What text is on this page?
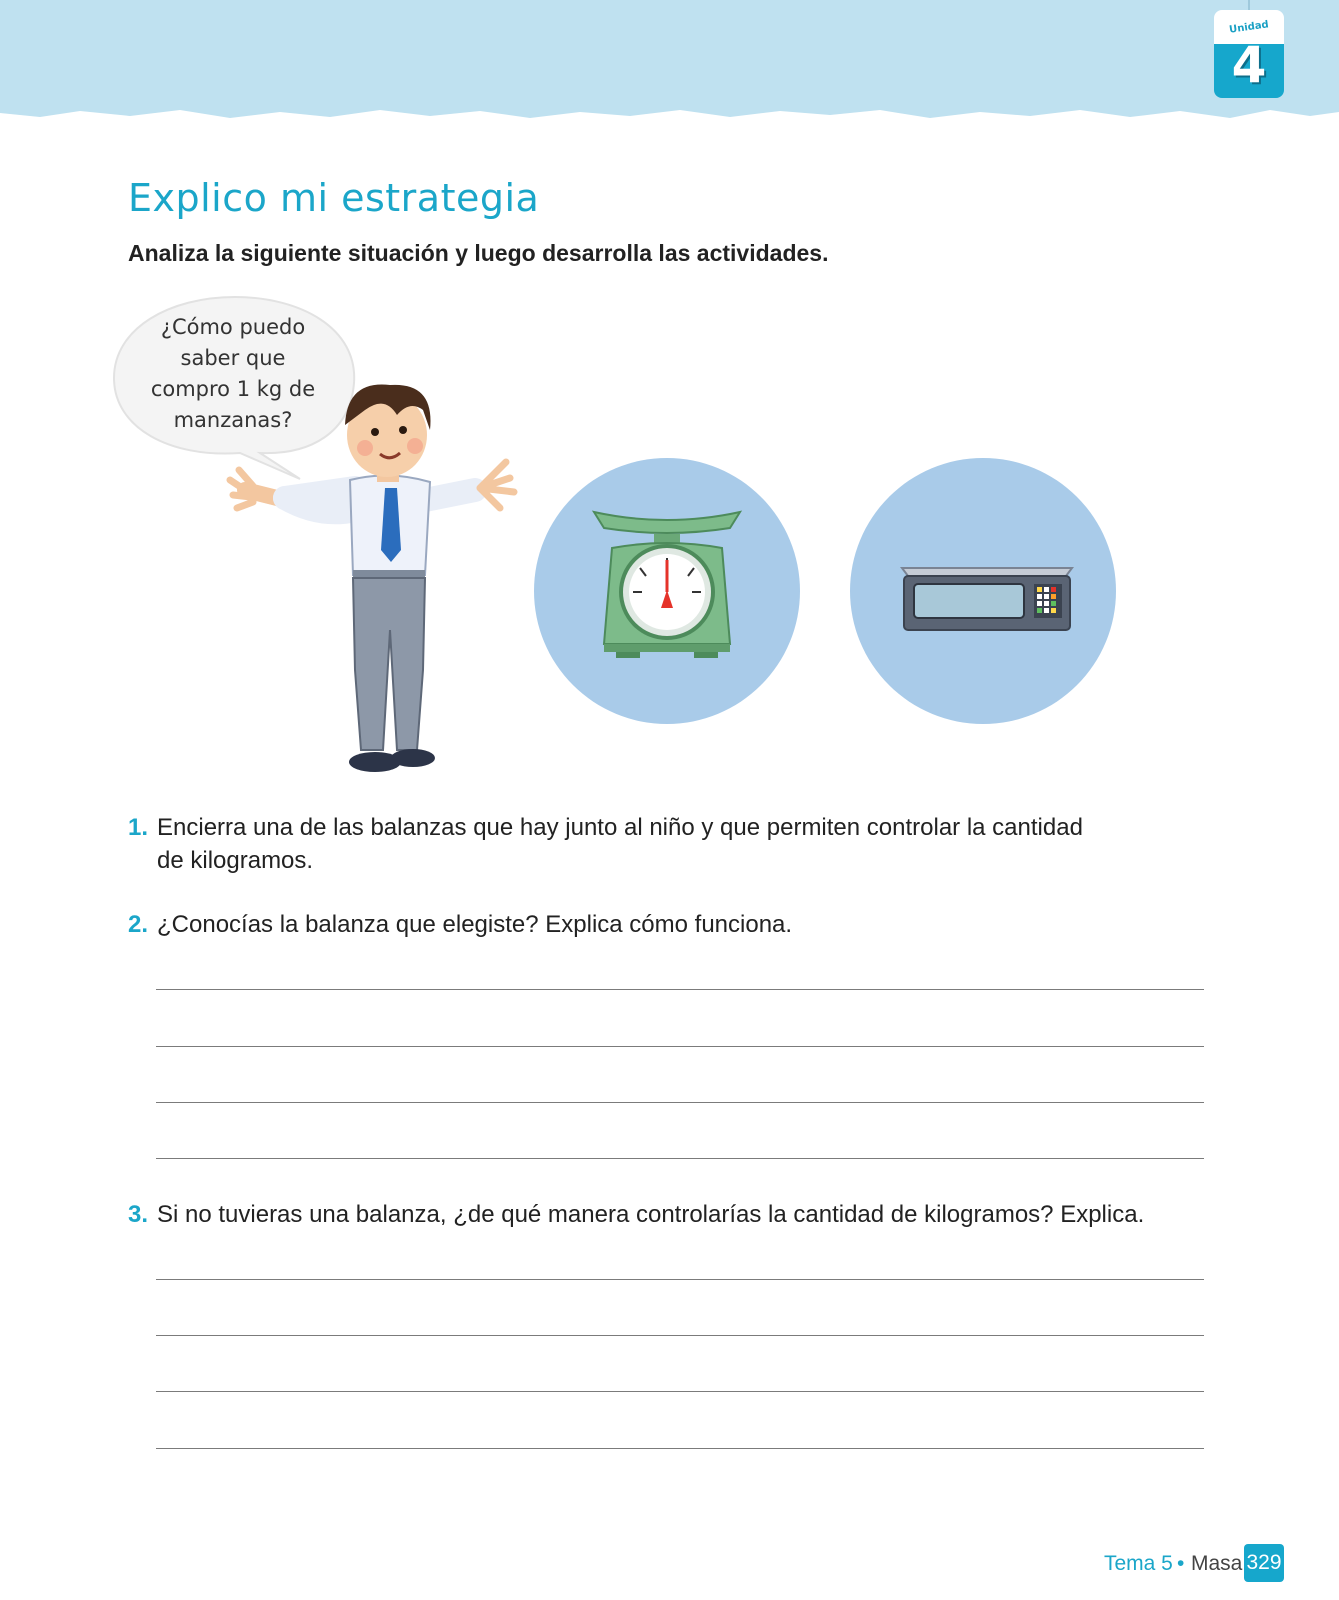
Unidad
4
Explico mi estrategia

Analiza la siguiente situación y luego desarrolla las actividades.

¿Cómo puedo
saber que
compro 1 kg de
manzanas?

1. Encierra una de las balanzas que hay junto al niño y que permiten controlar la cantidad
de kilogramos.

2. ¿Conocías la balanza que elegiste? Explica cómo funciona.

3. Si no tuvieras una balanza, ¿de qué manera controlarías la cantidad de kilogramos? Explica.

Tema 5 • Masa 329
